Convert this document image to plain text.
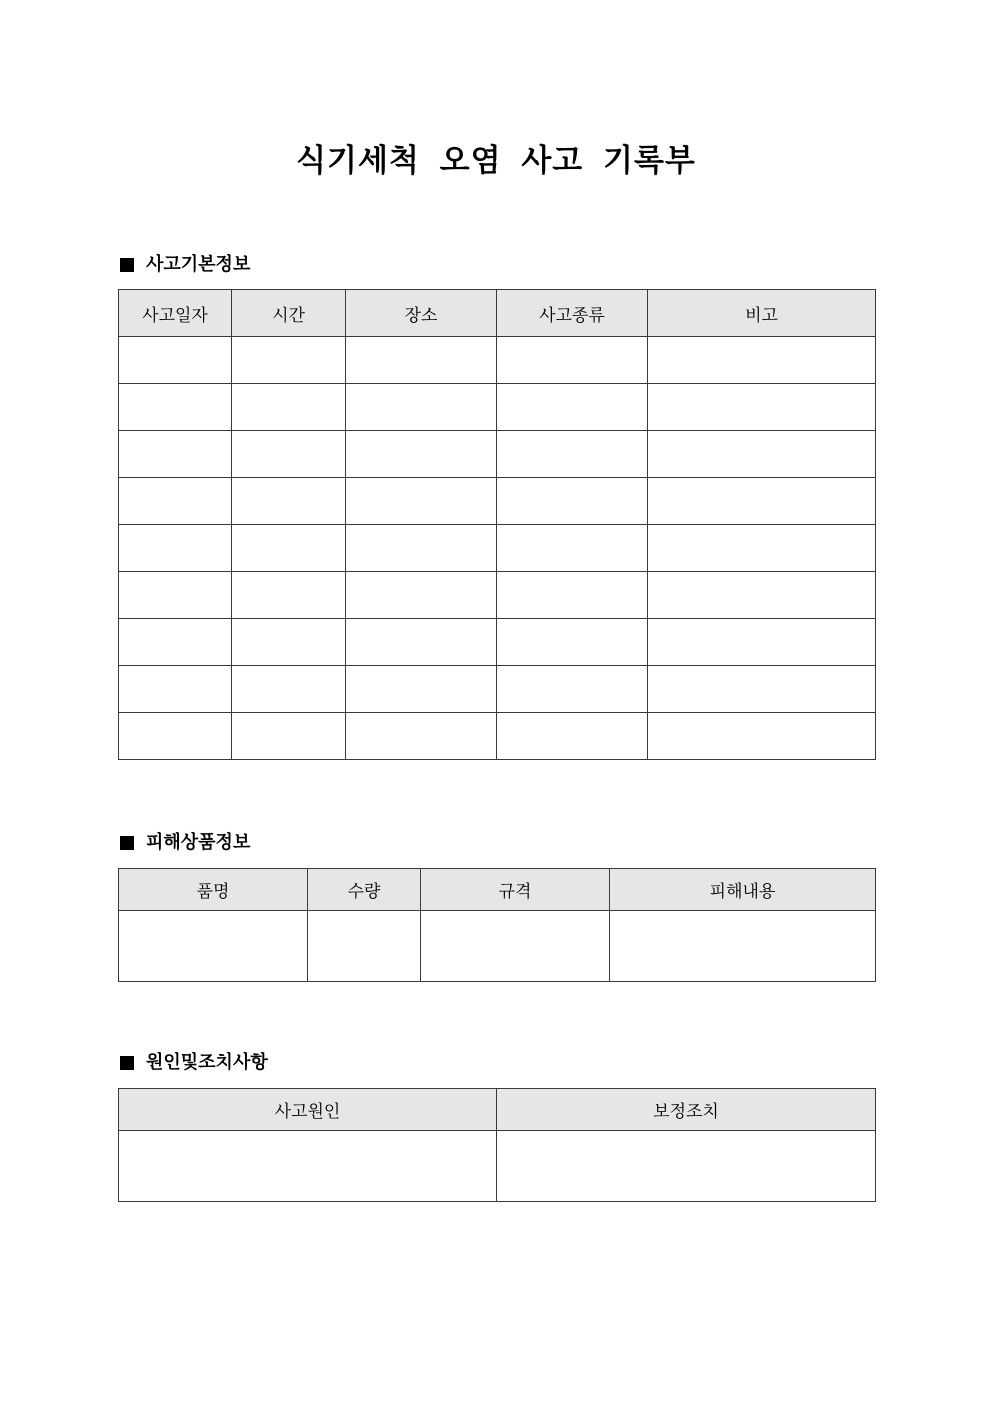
식기세척 오염 사고 기록부
사고기본정보
사고일자	시간	장소	사고종류	비고

피해상품정보
품명	수량	규격	피해내용

원인및조치사항
사고원인	보정조치
